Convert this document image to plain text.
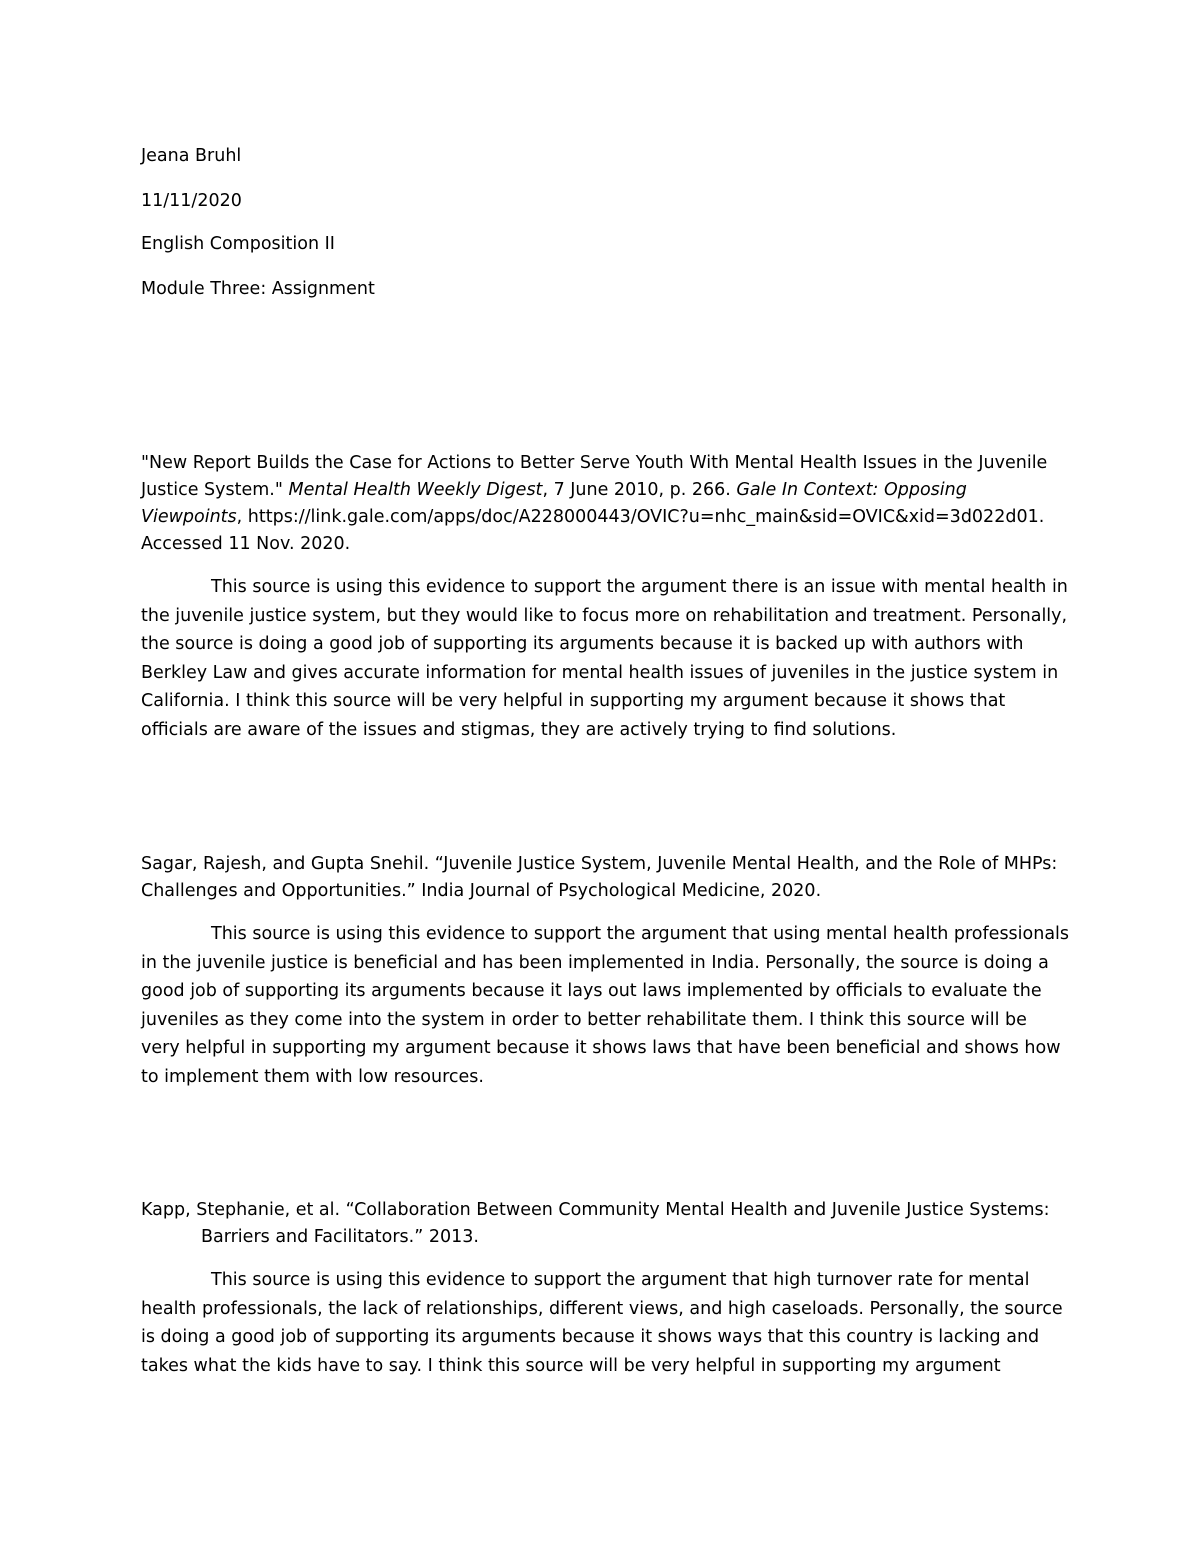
Jeana Bruhl
11/11/2020
English Composition II
Module Three: Assignment

"New Report Builds the Case for Actions to Better Serve Youth With Mental Health Issues in the Juvenile Justice System." Mental Health Weekly Digest, 7 June 2010, p. 266. Gale In Context: Opposing Viewpoints, https://link.gale.com/apps/doc/A228000443/OVIC?u=nhc_main&sid=OVIC&xid=3d022d01. Accessed 11 Nov. 2020.

This source is using this evidence to support the argument there is an issue with mental health in the juvenile justice system, but they would like to focus more on rehabilitation and treatment. Personally, the source is doing a good job of supporting its arguments because it is backed up with authors with Berkley Law and gives accurate information for mental health issues of juveniles in the justice system in California. I think this source will be very helpful in supporting my argument because it shows that officials are aware of the issues and stigmas, they are actively trying to find solutions.

Sagar, Rajesh, and Gupta Snehil. “Juvenile Justice System, Juvenile Mental Health, and the Role of MHPs: Challenges and Opportunities.” India Journal of Psychological Medicine, 2020.

This source is using this evidence to support the argument that using mental health professionals in the juvenile justice is beneficial and has been implemented in India. Personally, the source is doing a good job of supporting its arguments because it lays out laws implemented by officials to evaluate the juveniles as they come into the system in order to better rehabilitate them. I think this source will be very helpful in supporting my argument because it shows laws that have been beneficial and shows how to implement them with low resources.

Kapp, Stephanie, et al. “Collaboration Between Community Mental Health and Juvenile Justice Systems: Barriers and Facilitators.” 2013.

This source is using this evidence to support the argument that high turnover rate for mental health professionals, the lack of relationships, different views, and high caseloads. Personally, the source is doing a good job of supporting its arguments because it shows ways that this country is lacking and takes what the kids have to say. I think this source will be very helpful in supporting my argument
